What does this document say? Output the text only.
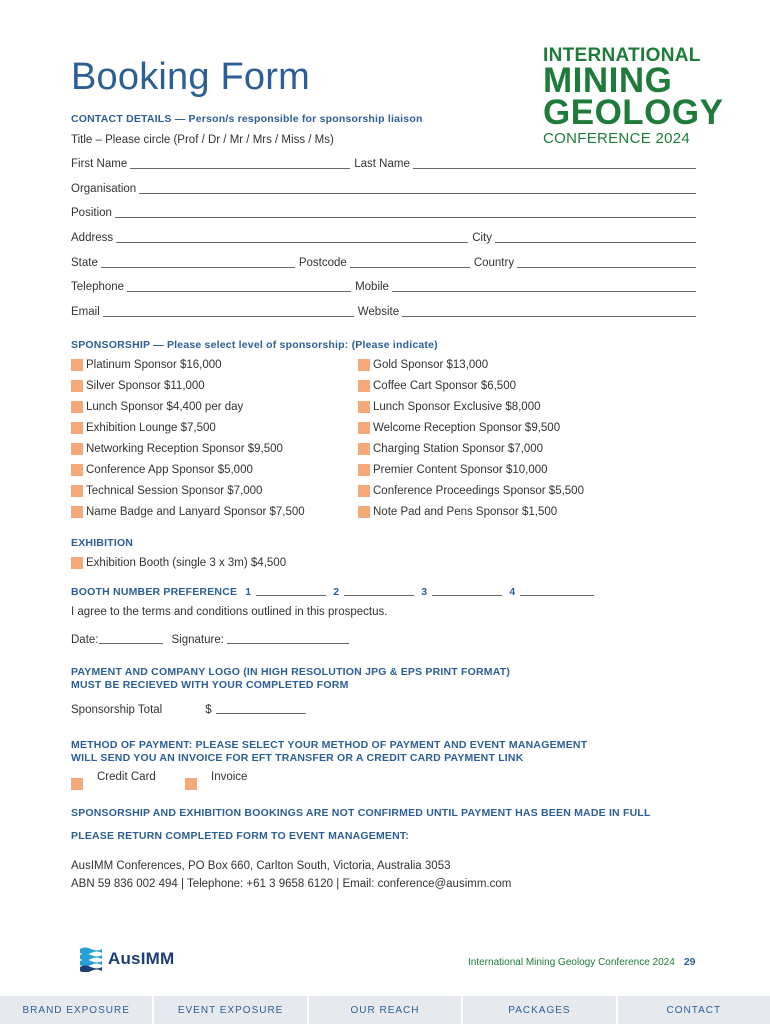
Booking Form
INTERNATIONAL
MINING
GEOLOGY
CONFERENCE 2024
CONTACT DETAILS — Person/s responsible for sponsorship liaison
Title – Please circle (Prof / Dr / Mr / Mrs / Miss / Ms)
First Name	Last Name
Organisation
Position
Address	City
State	Postcode	Country
Telephone	Mobile
Email	Website
SPONSORSHIP — Please select level of sponsorship: (Please indicate)
Platinum Sponsor $16,000
Silver Sponsor $11,000
Lunch Sponsor $4,400 per day
Exhibition Lounge $7,500
Networking Reception Sponsor $9,500
Conference App Sponsor $5,000
Technical Session Sponsor $7,000
Name Badge and Lanyard Sponsor $7,500
Gold Sponsor $13,000
Coffee Cart Sponsor $6,500
Lunch Sponsor Exclusive $8,000
Welcome Reception Sponsor $9,500
Charging Station Sponsor $7,000
Premier Content Sponsor $10,000
Conference Proceedings Sponsor $5,500
Note Pad and Pens Sponsor $1,500
EXHIBITION
Exhibition Booth (single 3 x 3m) $4,500
BOOTH NUMBER PREFERENCE 1	2	3	4
I agree to the terms and conditions outlined in this prospectus.
Date:	Signature:
PAYMENT AND COMPANY LOGO (IN HIGH RESOLUTION JPG & EPS PRINT FORMAT)
MUST BE RECIEVED WITH YOUR COMPLETED FORM
Sponsorship Total	$
METHOD OF PAYMENT: PLEASE SELECT YOUR METHOD OF PAYMENT AND EVENT MANAGEMENT
WILL SEND YOU AN INVOICE FOR EFT TRANSFER OR A CREDIT CARD PAYMENT LINK
Credit Card	Invoice
SPONSORSHIP AND EXHIBITION BOOKINGS ARE NOT CONFIRMED UNTIL PAYMENT HAS BEEN MADE IN FULL
PLEASE RETURN COMPLETED FORM TO EVENT MANAGEMENT:
AusIMM Conferences, PO Box 660, Carlton South, Victoria, Australia 3053
ABN 59 836 002 494 | Telephone: +61 3 9658 6120 | Email: conference@ausimm.com
AusIMM	International Mining Geology Conference 2024 29
BRAND EXPOSURE	EVENT EXPOSURE	OUR REACH	PACKAGES	CONTACT
